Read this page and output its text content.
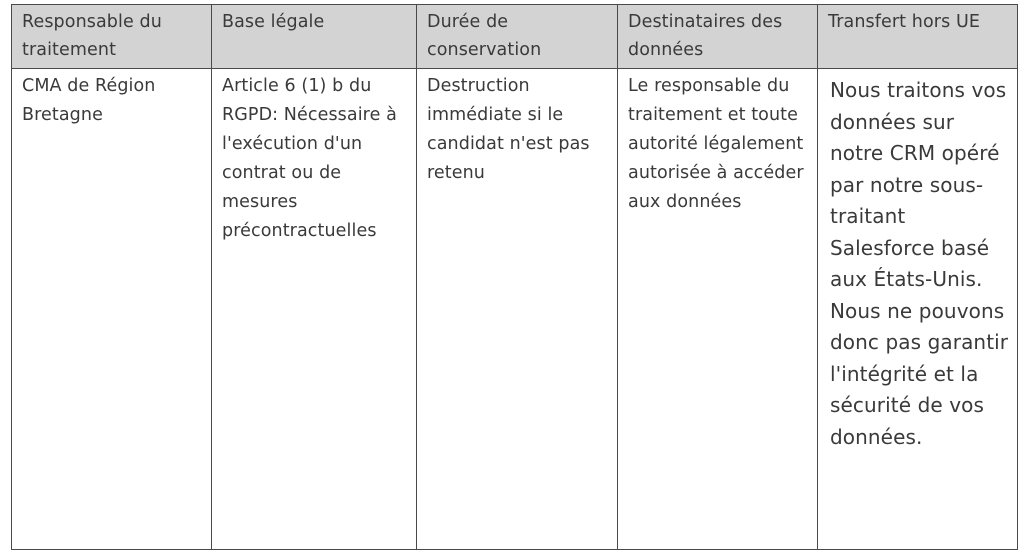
Responsable du traitement	Base légale	Durée de conservation	Destinataires des données	Transfert hors UE
CMA de Région Bretagne	Article 6 (1) b du RGPD: Nécessaire à l'exécution d'un contrat ou de mesures précontractuelles	Destruction immédiate si le candidat n'est pas retenu	Le responsable du traitement et toute autorité légalement autorisée à accéder aux données	Nous traitons vos données sur notre CRM opéré par notre sous-traitant Salesforce basé aux États-Unis. Nous ne pouvons donc pas garantir l'intégrité et la sécurité de vos données.
